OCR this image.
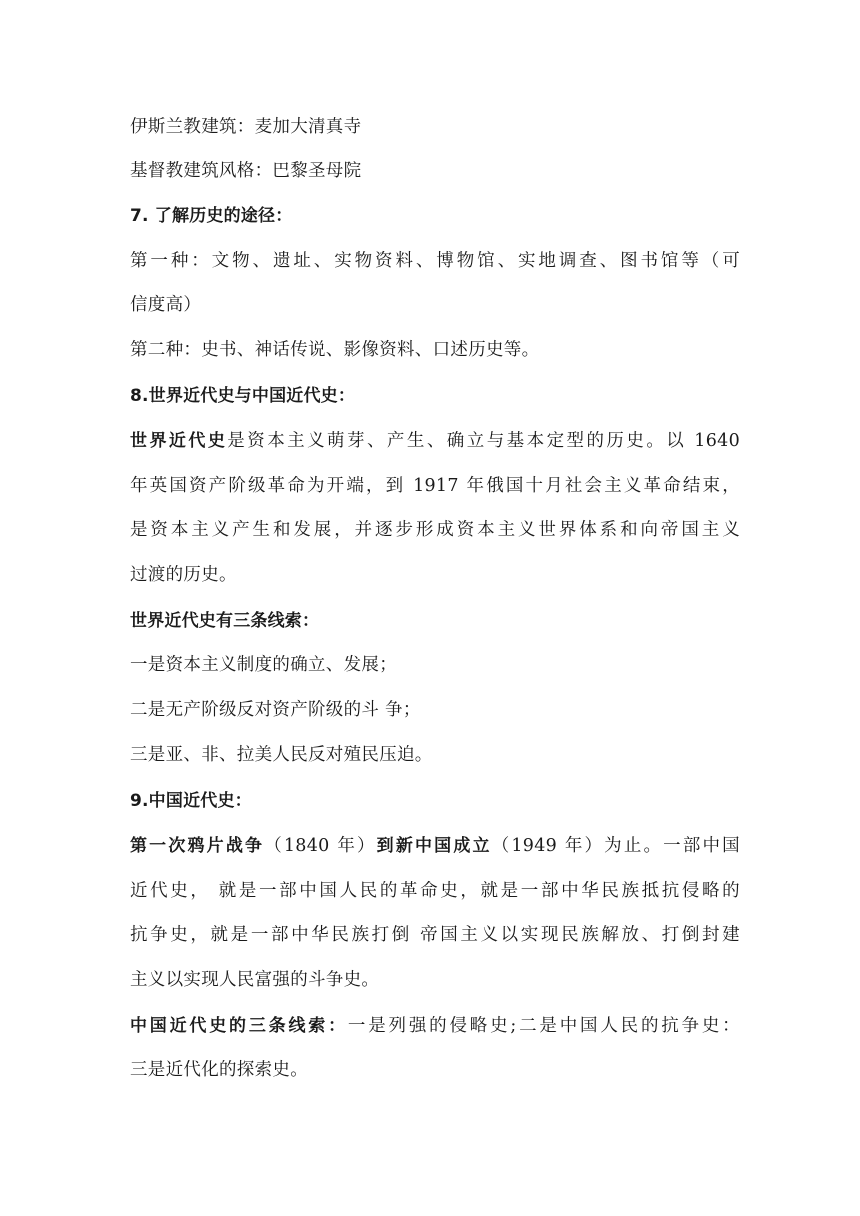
伊斯兰教建筑：麦加大清真寺
基督教建筑风格：巴黎圣母院
7. 了解历史的途径：
第一种：文物、遗址、实物资料、博物馆、实地调查、图书馆等（可
信度高）
第二种：史书、神话传说、影像资料、口述历史等。
8.世界近代史与中国近代史：
世界近代史是资本主义萌芽、产生、确立与基本定型的历史。以 1640
年英国资产阶级革命为开端，到 1917 年俄国十月社会主义革命结束，
是资本主义产生和发展，并逐步形成资本主义世界体系和向帝国主义
过渡的历史。
世界近代史有三条线索：
一是资本主义制度的确立、发展；
二是无产阶级反对资产阶级的斗 争；
三是亚、非、拉美人民反对殖民压迫。
9.中国近代史：
第一次鸦片战争（1840 年）到新中国成立（1949 年）为止。一部中国
近代史， 就是一部中国人民的革命史，就是一部中华民族抵抗侵略的
抗争史，就是一部中华民族打倒 帝国主义以实现民族解放、打倒封建
主义以实现人民富强的斗争史。
中国近代史的三条线索：一是列强的侵略史;二是中国人民的抗争史：
三是近代化的探索史。
